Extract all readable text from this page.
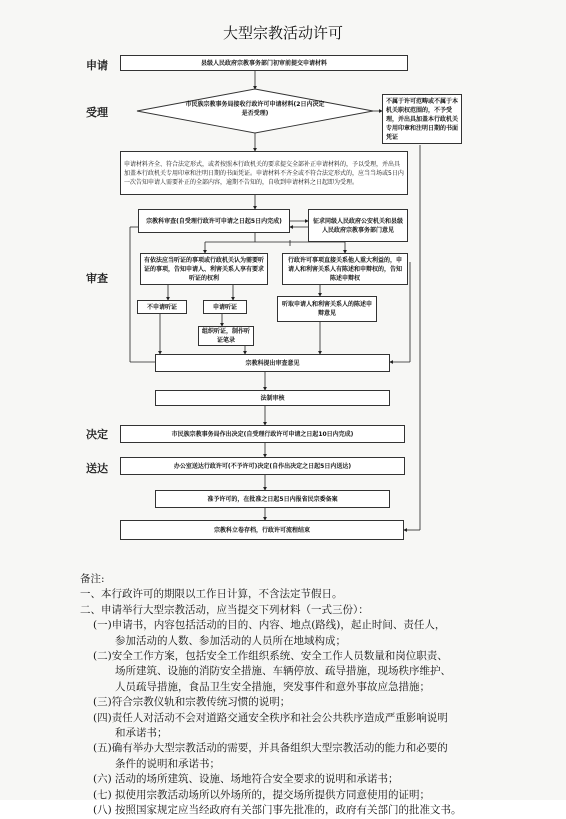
大型宗教活动许可
申请
受理
审查
决定
送达
县级人民政府宗教事务部门初审前提交申请材料
市民族宗教事务局接收行政许可申请材料(2日内决定是否受理)
不属于许可范畴或不属于本机关职权范围的，不予受理，并出具加盖本行政机关专用印章和注明日期的书面凭证
申请材料齐全、符合法定形式，或者按照本行政机关的要求提交全部补正申请材料的，予以受理，并出具加盖本行政机关专用印章和注明日期的书面凭证。申请材料不齐全或不符合法定形式的，应当当场或5日内一次告知申请人需要补正的全部内容，逾期不告知的，自收到申请材料之日起即为受理。
宗教科审查(自受理行政许可申请之日起5日内完成)	征求同级人民政府公安机关和县级人民政府宗教事务部门意见
有依法应当听证的事项或行政机关认为需要听证的事项，告知申请人、利害关系人享有要求听证的权利
行政许可事项直接关系他人重大利益的，申请人和利害关系人有陈述和申辩权的，告知陈述申辩权
不申请听证	申请听证
组织听证，制作听证笔录
听取申请人和利害关系人的陈述申辩意见
宗教科提出审查意见
法制审核
市民族宗教事务局作出决定(自受理行政许可申请之日起10日内完成)
办公室送达行政许可(不予许可)决定(自作出决定之日起5日内送达)
准予许可的，在批准之日起5日内报省民宗委备案
宗教科立卷存档，行政许可流程结束
备注:
一、本行政许可的期限以工作日计算，不含法定节假日。
二、申请举行大型宗教活动，应当提交下列材料（一式三份）：
(一)申请书，内容包括活动的目的、内容、地点(路线)，起止时间、责任人，
参加活动的人数、参加活动的人员所在地域构成；
(二)安全工作方案，包括安全工作组织系统、安全工作人员数量和岗位职责、
场所建筑、设施的消防安全措施、车辆停放、疏导措施，现场秩序维护、
人员疏导措施，食品卫生安全措施，突发事件和意外事故应急措施；
(三)符合宗教仪轨和宗教传统习惯的说明；
(四)责任人对活动不会对道路交通安全秩序和社会公共秩序造成严重影响说明
和承诺书；
(五)确有举办大型宗教活动的需要，并具备组织大型宗教活动的能力和必要的
条件的说明和承诺书；
(六) 活动的场所建筑、设施、场地符合安全要求的说明和承诺书；
(七) 拟使用宗教活动场所以外场所的，提交场所提供方同意使用的证明；
(八) 按照国家规定应当经政府有关部门事先批准的，政府有关部门的批准文书。
